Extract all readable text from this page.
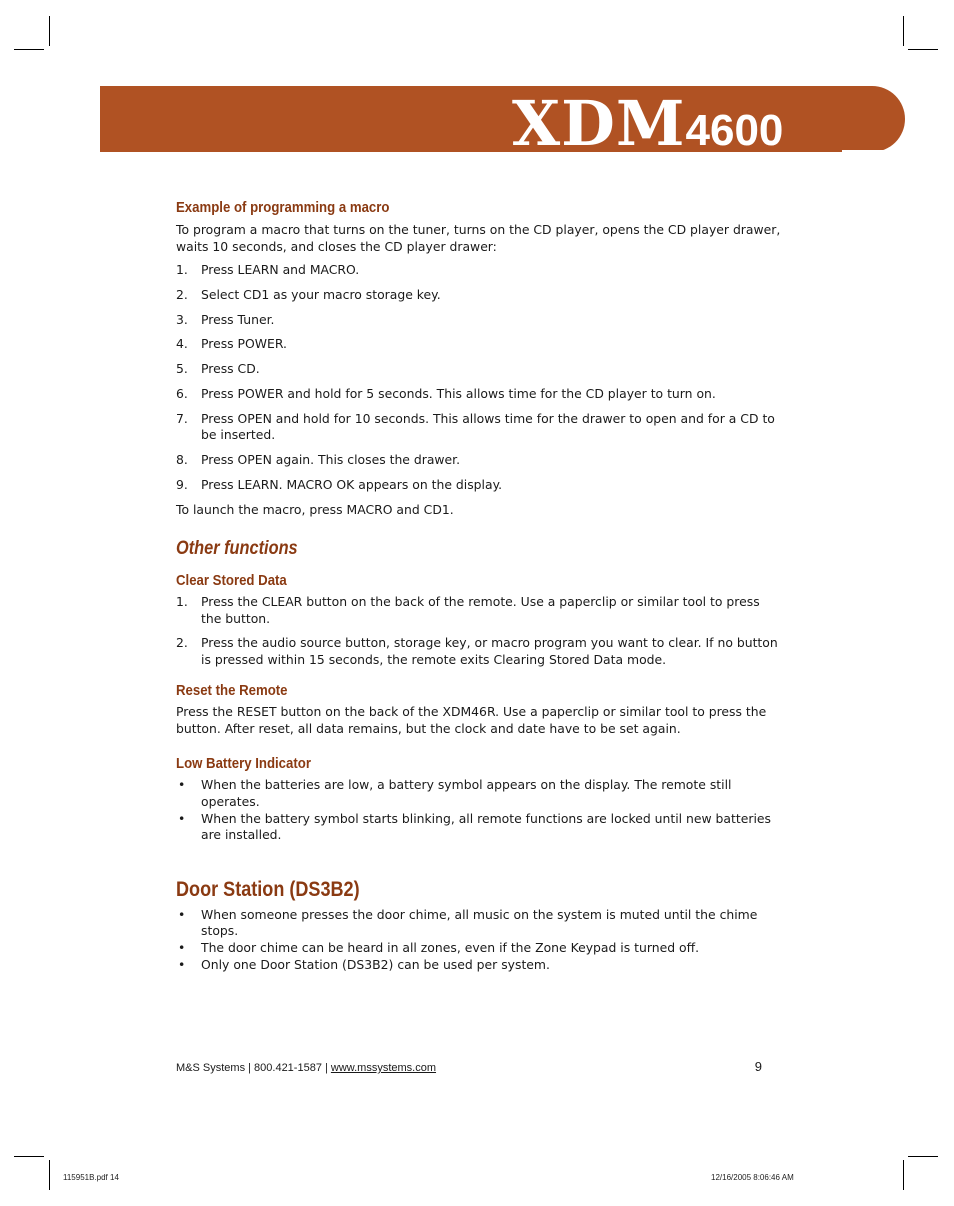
XDM4600
Example of programming a macro

To program a macro that turns on the tuner, turns on the CD player, opens the CD player drawer, waits 10 seconds, and closes the CD player drawer:

1. Press LEARN and MACRO.
2. Select CD1 as your macro storage key.
3. Press Tuner.
4. Press POWER.
5. Press CD.
6. Press POWER and hold for 5 seconds. This allows time for the CD player to turn on.
7. Press OPEN and hold for 10 seconds. This allows time for the drawer to open and for a CD to be inserted.
8. Press OPEN again. This closes the drawer.
9. Press LEARN. MACRO OK appears on the display.

To launch the macro, press MACRO and CD1.

Other functions
Clear Stored Data
1. Press the CLEAR button on the back of the remote. Use a paperclip or similar tool to press the button.
2. Press the audio source button, storage key, or macro program you want to clear. If no button is pressed within 15 seconds, the remote exits Clearing Stored Data mode.
Reset the Remote

Press the RESET button on the back of the XDM46R. Use a paperclip or similar tool to press the button. After reset, all data remains, but the clock and date have to be set again.

Low Battery Indicator
• When the batteries are low, a battery symbol appears on the display. The remote still operates.
• When the battery symbol starts blinking, all remote functions are locked until new batteries are installed.
Door Station (DS3B2)
• When someone presses the door chime, all music on the system is muted until the chime stops.
• The door chime can be heard in all zones, even if the Zone Keypad is turned off.
• Only one Door Station (DS3B2) can be used per system.
M&S Systems | 800.421-1587 | www.mssystems.com	9
115951B.pdf 14	12/16/2005 8:06:46 AM
